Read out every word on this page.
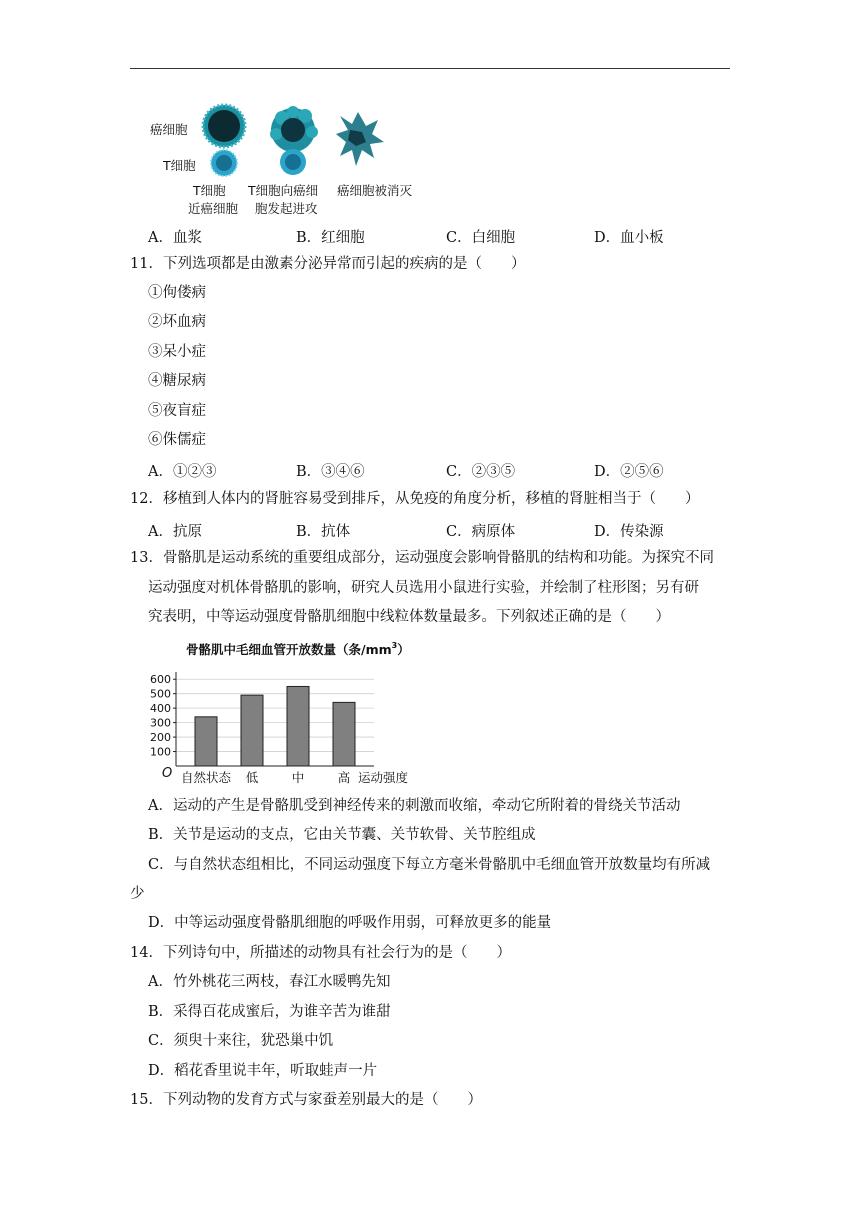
癌细胞
T细胞
T细胞
近癌细胞
T细胞向癌细
胞发起进攻
癌细胞被消灭
A．血浆	B．红细胞	C．白细胞	D．血小板
11．下列选项都是由激素分泌异常而引起的疾病的是（　　）
①佝偻病
②坏血病
③呆小症
④糖尿病
⑤夜盲症
⑥侏儒症
A．①②③	B．③④⑥	C．②③⑤	D．②⑤⑥
12．移植到人体内的肾脏容易受到排斥，从免疫的角度分析，移植的肾脏相当于（　　）
A．抗原	B．抗体	C．病原体	D．传染源
13．骨骼肌是运动系统的重要组成部分，运动强度会影响骨骼肌的结构和功能。为探究不同
运动强度对机体骨骼肌的影响，研究人员选用小鼠进行实验，并绘制了柱形图；另有研
究表明，中等运动强度骨骼肌细胞中线粒体数量最多。下列叙述正确的是（　　）
骨骼肌中毛细血管开放数量（条$/mm^3$）
100
200
300
400
500
600
自然状态 低	中	高
O	运动强度
A．运动的产生是骨骼肌受到神经传来的刺激而收缩，牵动它所附着的骨绕关节活动
B．关节是运动的支点，它由关节囊、关节软骨、关节腔组成
C．与自然状态组相比，不同运动强度下每立方毫米骨骼肌中毛细血管开放数量均有所减
少
D．中等运动强度骨骼肌细胞的呼吸作用弱，可释放更多的能量
14．下列诗句中，所描述的动物具有社会行为的是（　　）
A．竹外桃花三两枝，春江水暖鸭先知
B．采得百花成蜜后，为谁辛苦为谁甜
C．须臾十来往，犹恐巢中饥
D．稻花香里说丰年，听取蛙声一片
15．下列动物的发育方式与家蚕差别最大的是（　　）
